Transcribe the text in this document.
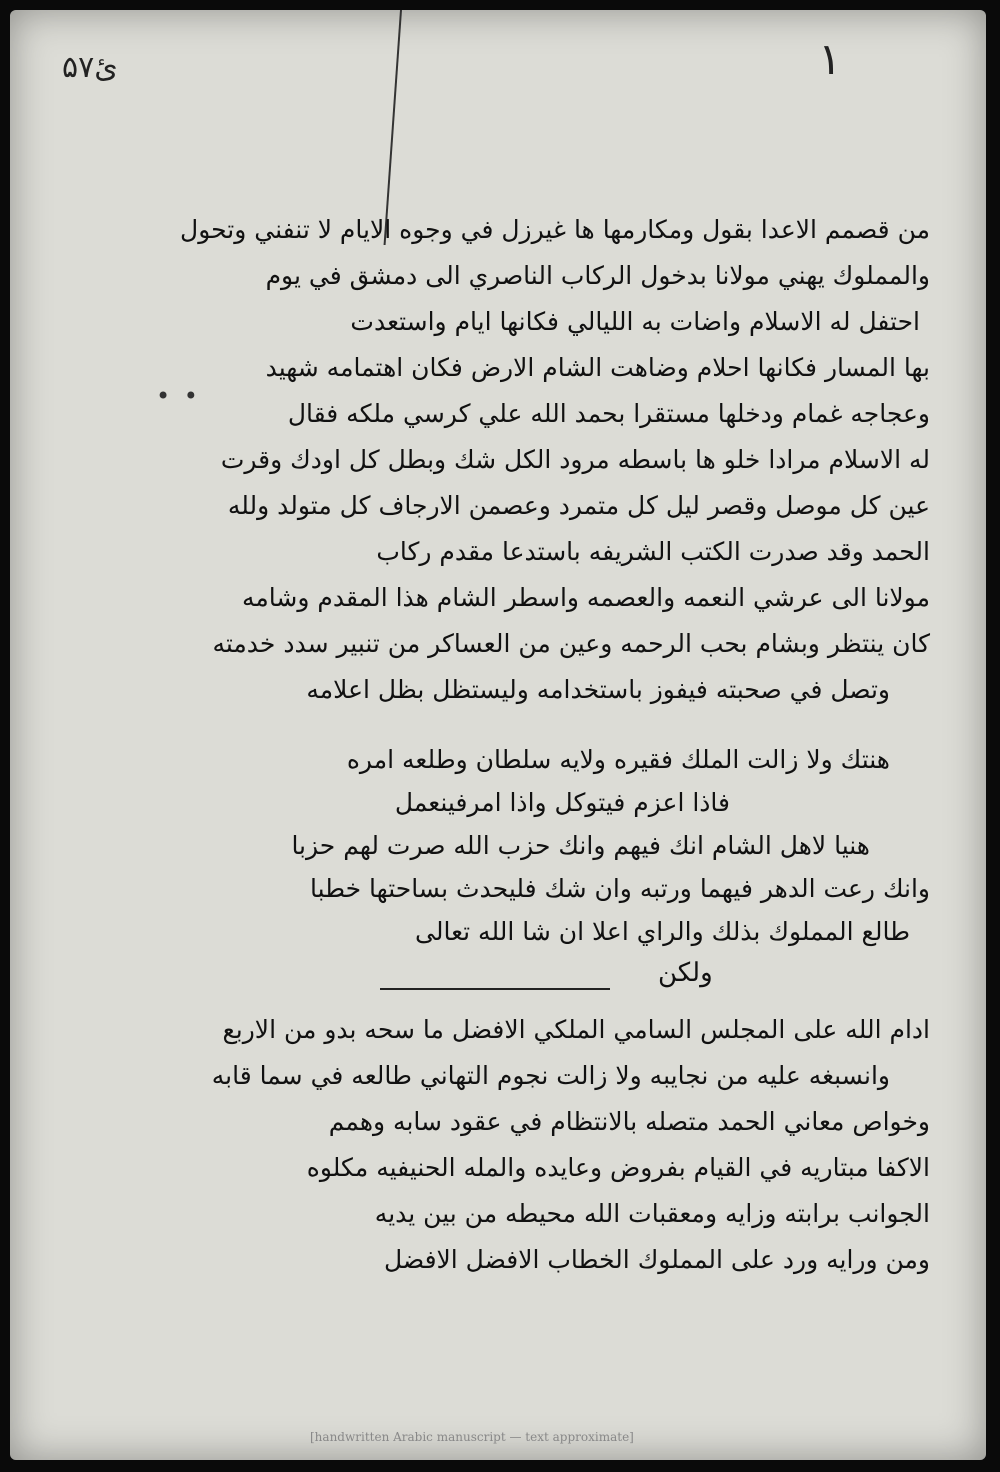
ئ۵٧	١
• •
من قصمم الاعدا بقول ومكارمها ها غيرزل في وجوه الايام لا تنفني وتحول
والمملوك يهني مولانا بدخول الركاب الناصري الى دمشق في يوم
احتفل له الاسلام واضات به الليالي فكانها ايام واستعدت
بها المسار فكانها احلام وضاهت الشام الارض فكان اهتمامه شهيد
وعجاجه غمام ودخلها مستقرا بحمد الله علي كرسي ملكه فقال
له الاسلام مرادا خلو ها باسطه مرود الكل شك وبطل كل اودك وقرت
عين كل موصل وقصر ليل كل متمرد وعصمن الارجاف كل متولد ولله
الحمد وقد صدرت الكتب الشريفه باستدعا مقدم ركاب
مولانا الى عرشي النعمه والعصمه واسطر الشام هذا المقدم وشامه
كان ينتظر وبشام بحب الرحمه وعين من العساكر من تنبير سدد خدمته
وتصل في صحبته فيفوز باستخدامه وليستظل بظل اعلامه
هنتك ولا زالت الملك فقيره ولايه سلطان وطلعه امره
فاذا اعزم فيتوكل واذا امرفينعمل
هنيا لاهل الشام انك فيهم وانك حزب الله صرت لهم حزبا
وانك رعت الدهر فيهما ورتبه وان شك فليحدث بساحتها خطبا
طالع المملوك بذلك والراي اعلا ان شا الله تعالى
ولكن
ادام الله على المجلس السامي الملكي الافضل ما سحه بدو من الاربع
وانسبغه عليه من نجايبه ولا زالت نجوم التهاني طالعه في سما قابه
وخواص معاني الحمد متصله بالانتظام في عقود سابه وهمم
الاكفا مبتاريه في القيام بفروض وعايده والمله الحنيفيه مكلوه
الجوانب برابته وزايه ومعقبات الله محيطه من بين يديه
ومن ورايه ورد على المملوك الخطاب الافضل الافضل
[handwritten Arabic manuscript — text approximate]
